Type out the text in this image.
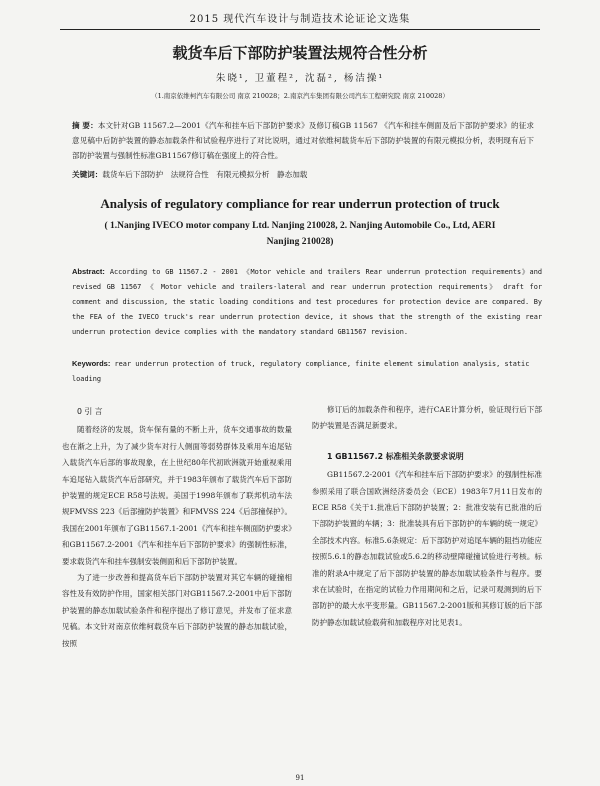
2015 现代汽车设计与制造技术论证论文选集
载货车后下部防护装置法规符合性分析
朱晓¹, 卫董程², 沈磊², 杨洁操¹
（1.南京依维柯汽车有限公司 南京 210028；2.南京汽车集团有限公司汽车工程研究院 南京 210028）
摘 要：本文针对GB 11567.2—2001《汽车和挂车后下部防护要求》及修订稿GB 11567 《汽车和挂车侧面及后下部防护要求》的征求意见稿中后防护装置的静态加载条件和试验程序进行了对比说明，通过对依维柯载货车后下部防护装置的有限元模拟分析，表明现有后下部防护装置与强制性标准GB11567修订稿在强度上的符合性。
关键词：载货车后下部防护　法规符合性　有限元模拟分析　静态加载
Analysis of regulatory compliance for rear underrun protection of truck
( 1.Nanjing IVECO motor company Ltd. Nanjing 210028, 2. Nanjing Automobile Co., Ltd, AERI Nanjing 210028)
Abstract: According to GB 11567.2 - 2001 《Motor vehicle and trailers Rear underrun protection requirements》and revised GB 11567 《 Motor vehicle and trailers-lateral and rear underrun protection requirements》 draft for comment and discussion, the static loading conditions and test procedures for protection device are compared. By the FEA of the IVECO truck's rear underrun protection device, it shows that the strength of the existing rear underrun protection device complies with the mandatory standard GB11567 revision.
Keywords: rear underrun protection of truck, regulatory compliance, finite element simulation analysis, static loading
0 引 言

随着经济的发展，货车保有量的不断上升，货车交通事故的数量也在渐之上升，为了减少货车对行人侧面等弱势群体及乘用车追尾钻入载货汽车后部的事故现象，在上世纪80年代初欧洲就开始重视乘用车追尾钻入载货汽车后部研究，并于1983年颁布了载货汽车后下部防护装置的规定ECE R58号法规。美国于1998年颁布了联邦机动车法规FMVSS 223《后部撞防护装置》和FMVSS 224《后部撞保护》。我国在2001年颁布了GB11567.1-2001《汽车和挂车侧面防护要求》和GB11567.2-2001《汽车和挂车后下部防护要求》的强制性标准，要求载货汽车和挂车强制安装侧面和后下部防护装置。

为了进一步改善和提高货车后下部防护装置对其它车辆的碰撞相容性及有效防护作用，国家相关部门对GB11567.2-2001中后下部防护装置的静态加载试验条件和程序提出了修订意见，并发布了征求意见稿。本文针对南京依维柯载货车后下部防护装置的静态加载试验，按照

修订后的加载条件和程序，进行CAE计算分析，验证现行后下部防护装置是否满足新要求。

1 GB11567.2 标准相关条款要求说明

GB11567.2-2001《汽车和挂车后下部防护要求》的强制性标准参照采用了联合国欧洲经济委员会（ECE）1983年7月11日发布的ECE R58《关于1.批准后下部防护装置；2：批准安装有已批准的后下部防护装置的车辆；3：批准装具有后下部防护的车辆的统一规定》全部技术内容。标准5.6条规定：后下部防护对追尾车辆的阻挡功能应按照5.6.1的静态加载试验或5.6.2的移动壁障碰撞试验进行考核。标准的附录A中规定了后下部防护装置的静态加载试验条件与程序。要求在试验时，在指定的试验力作用期间和之后，记录可观测到的后下部防护的最大水平变形量。GB11567.2-2001版和其修订版的后下部防护静态加载试验载荷和加载程序对比见表1。

91
